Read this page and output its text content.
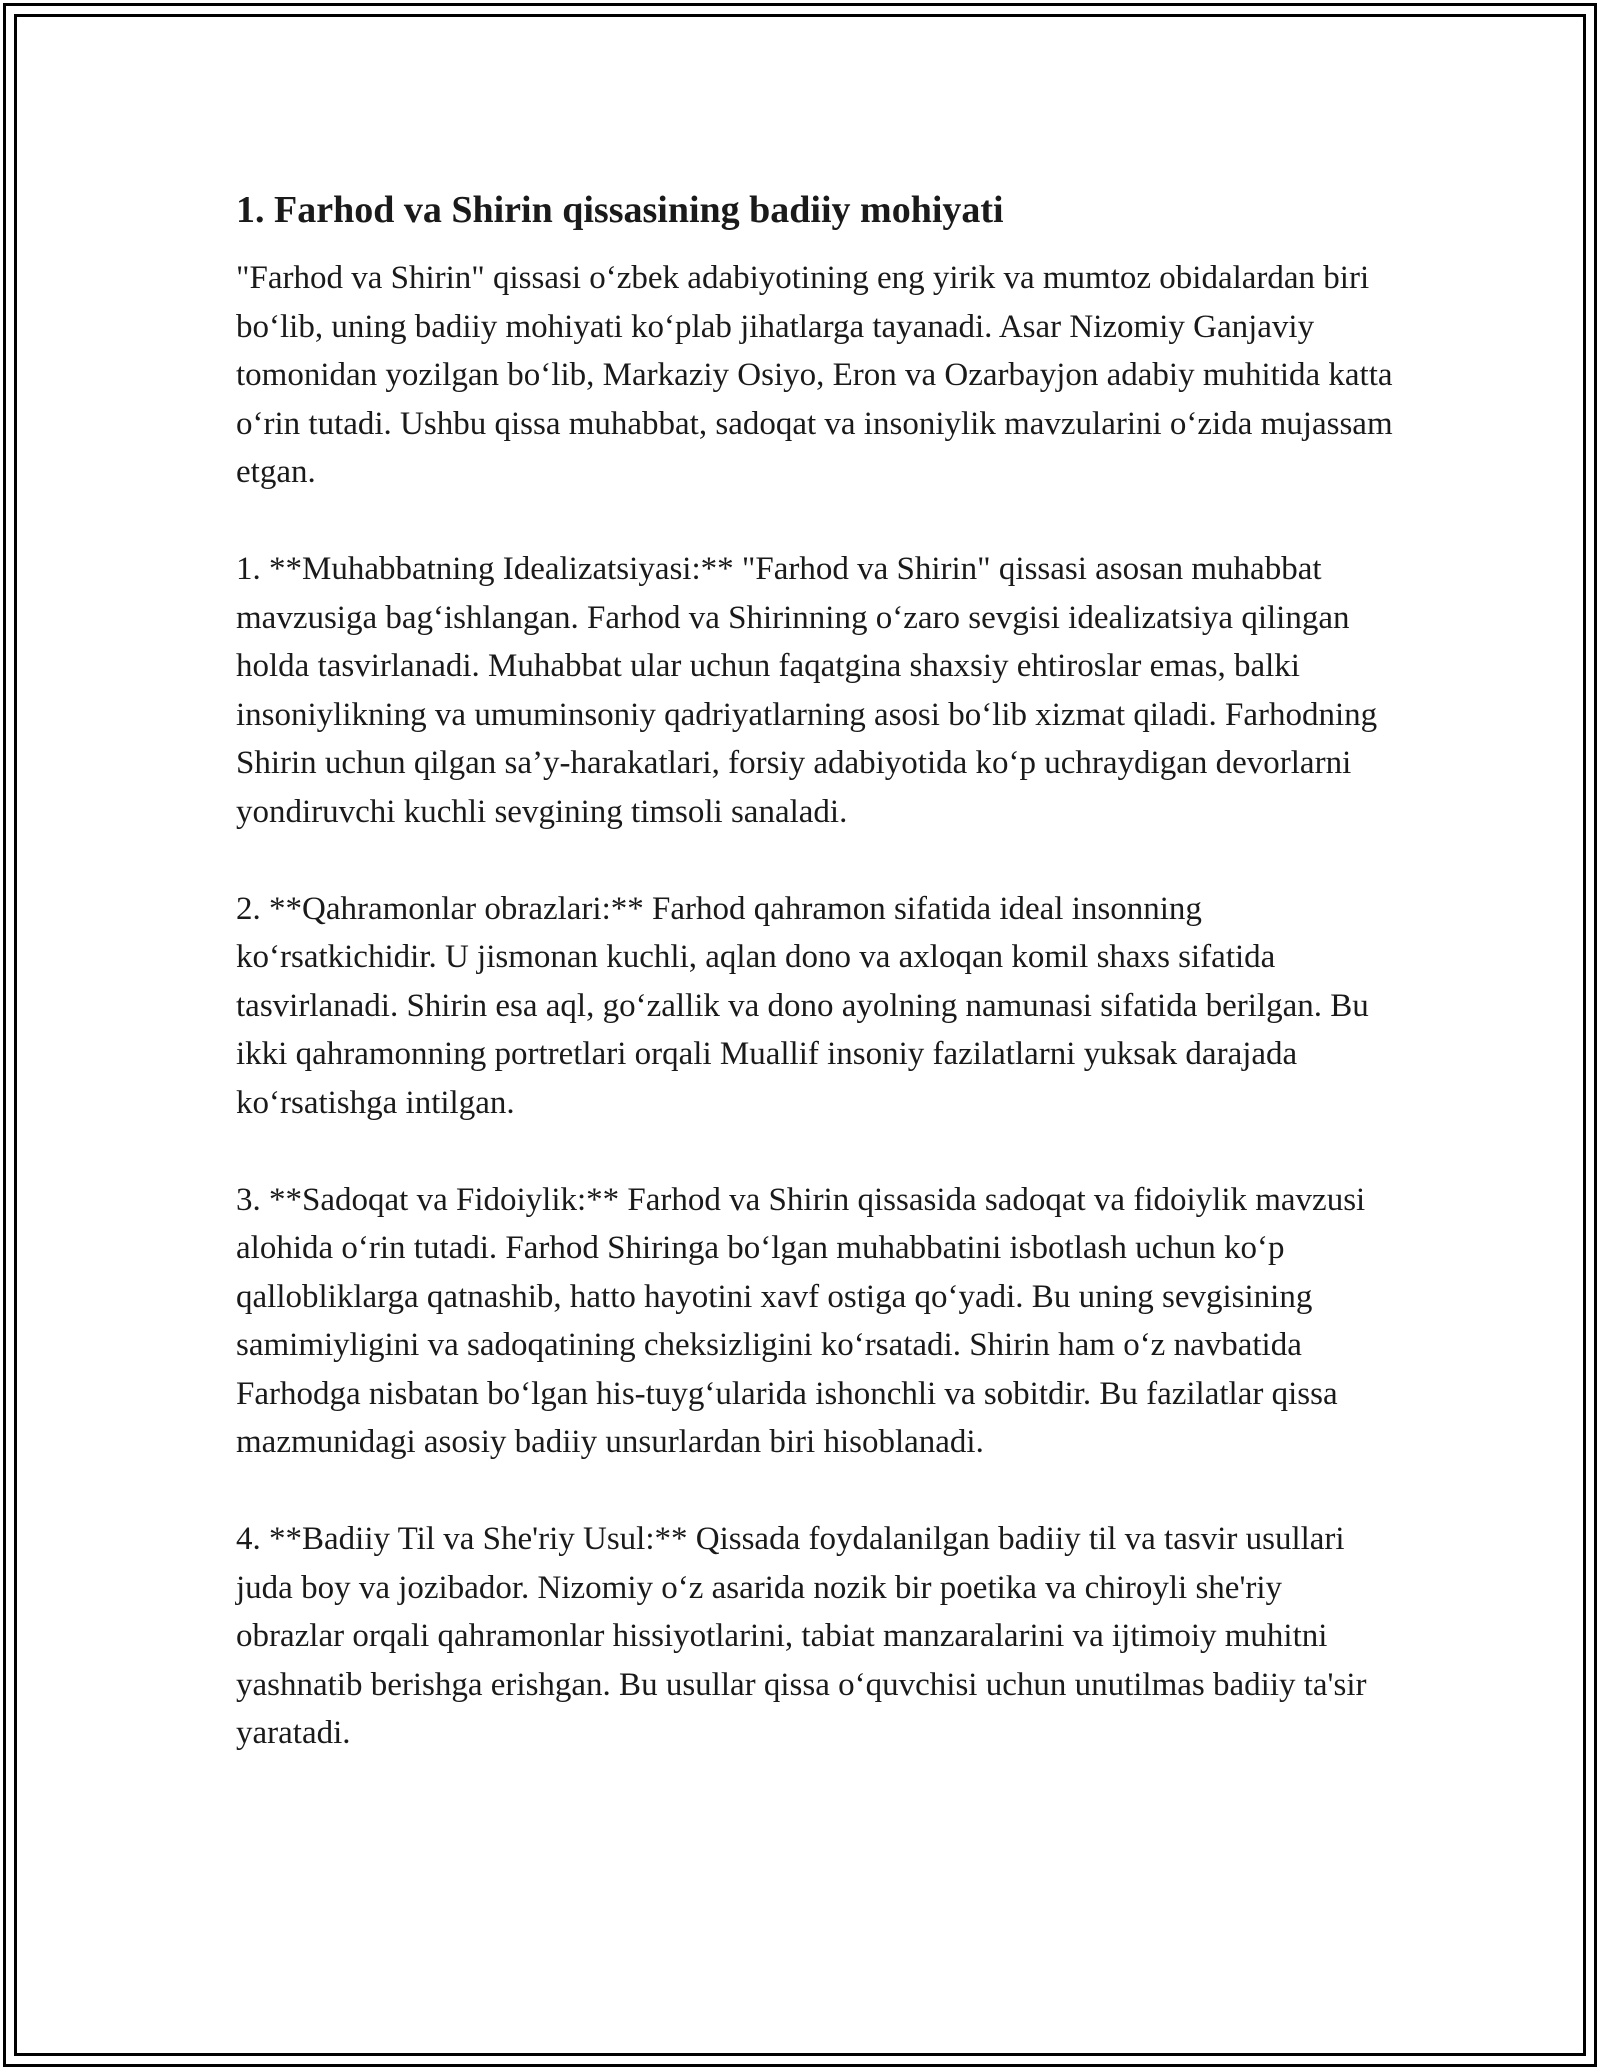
1. Farhod va Shirin qissasining badiiy mohiyati

"Farhod va Shirin" qissasi oʻzbek adabiyotining eng yirik va mumtoz obidalardan biri boʻlib, uning badiiy mohiyati koʻplab jihatlarga tayanadi. Asar Nizomiy Ganjaviy tomonidan yozilgan boʻlib, Markaziy Osiyo, Eron va Ozarbayjon adabiy muhitida katta oʻrin tutadi. Ushbu qissa muhabbat, sadoqat va insoniylik mavzularini oʻzida mujassam etgan.

1. **Muhabbatning Idealizatsiyasi:** "Farhod va Shirin" qissasi asosan muhabbat mavzusiga bagʻishlangan. Farhod va Shirinning oʻzaro sevgisi idealizatsiya qilingan holda tasvirlanadi. Muhabbat ular uchun faqatgina shaxsiy ehtiroslar emas, balki insoniylikning va umuminsoniy qadriyatlarning asosi boʻlib xizmat qiladi. Farhodning Shirin uchun qilgan sa’y-harakatlari, forsiy adabiyotida koʻp uchraydigan devorlarni yondiruvchi kuchli sevgining timsoli sanaladi.

2. **Qahramonlar obrazlari:** Farhod qahramon sifatida ideal insonning koʻrsatkichidir. U jismonan kuchli, aqlan dono va axloqan komil shaxs sifatida tasvirlanadi. Shirin esa aql, goʻzallik va dono ayolning namunasi sifatida berilgan. Bu ikki qahramonning portretlari orqali Muallif insoniy fazilatlarni yuksak darajada koʻrsatishga intilgan.

3. **Sadoqat va Fidoiylik:** Farhod va Shirin qissasida sadoqat va fidoiylik mavzusi alohida oʻrin tutadi. Farhod Shiringa boʻlgan muhabbatini isbotlash uchun koʻp qallobliklarga qatnashib, hatto hayotini xavf ostiga qoʻyadi. Bu uning sevgisining samimiyligini va sadoqatining cheksizligini koʻrsatadi. Shirin ham oʻz navbatida Farhodga nisbatan boʻlgan his-tuygʻularida ishonchli va sobitdir. Bu fazilatlar qissa mazmunidagi asosiy badiiy unsurlardan biri hisoblanadi.

4. **Badiiy Til va She'riy Usul:** Qissada foydalanilgan badiiy til va tasvir usullari juda boy va jozibador. Nizomiy oʻz asarida nozik bir poetika va chiroyli she'riy obrazlar orqali qahramonlar hissiyotlarini, tabiat manzaralarini va ijtimoiy muhitni yashnatib berishga erishgan. Bu usullar qissa oʻquvchisi uchun unutilmas badiiy ta'sir yaratadi.
